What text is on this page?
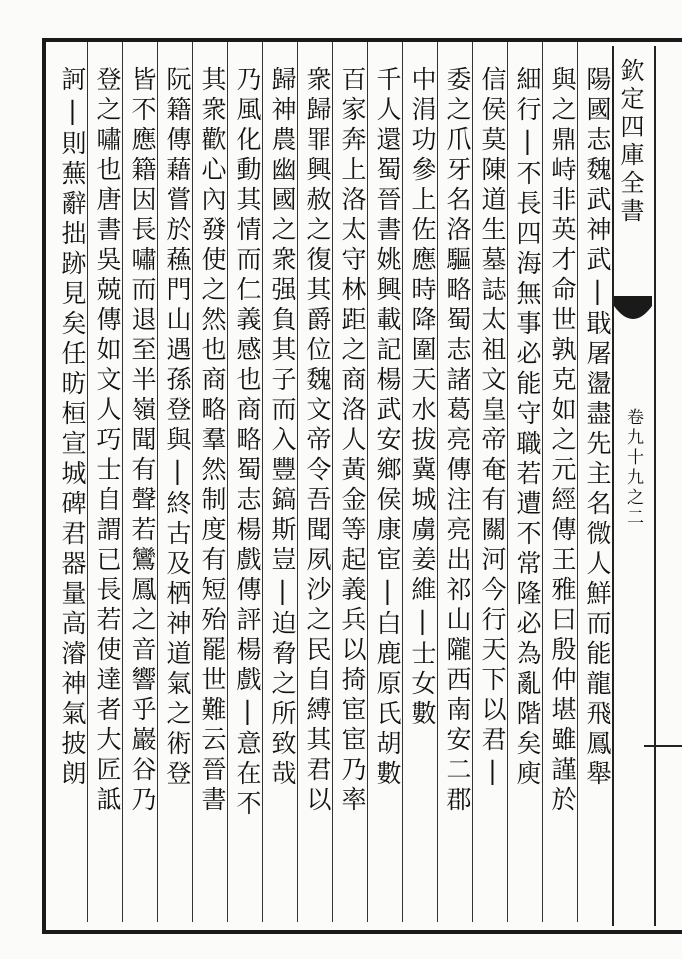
欽定四庫全書
卷九十九之二
陽國志魏武神武|戢屠盪盡先主名微人鮮而能龍飛鳳舉
與之鼎峙非英才命世孰克如之元經傳王雅曰殷仲堪雖謹於
細行|不長四海無事必能守職若遭不常隆必為亂階矣庾
信侯莫陳道生墓誌太祖文皇帝奄有關河今行天下以君|
委之爪牙名洛驅略蜀志諸葛亮傳注亮出祁山隴西南安二郡
中涓功參上佐應時降圍天水拔冀城虜姜維|士女數
千人還蜀晉書姚興載記楊武安鄉侯康宦|白鹿原氏胡數
百家奔上洛太守林距之商洛人黃金等起義兵以掎宦宦乃率
衆歸罪興赦之復其爵位魏文帝令吾聞夙沙之民自縛其君以
歸神農幽國之衆强負其子而入豐鎬斯豈|迫脅之所致哉
乃風化動其情而仁義感也商略蜀志楊戲傳評楊戲|意在不
其衆歡心內發使之然也商略羣然制度有短殆罷世難云晉書
阮籍傳藉嘗於蘓門山遇孫登與|終古及栖神道氣之術登
皆不應籍因長嘯而退至半嶺聞有聲若鸞鳳之音響乎巖谷乃
登之嘯也唐書吳兢傳如文人巧士自謂已長若使達者大匠詆
訶|則蕪辭拙跡見矣任昉桓宣城碑君器量高濬神氣披朗
